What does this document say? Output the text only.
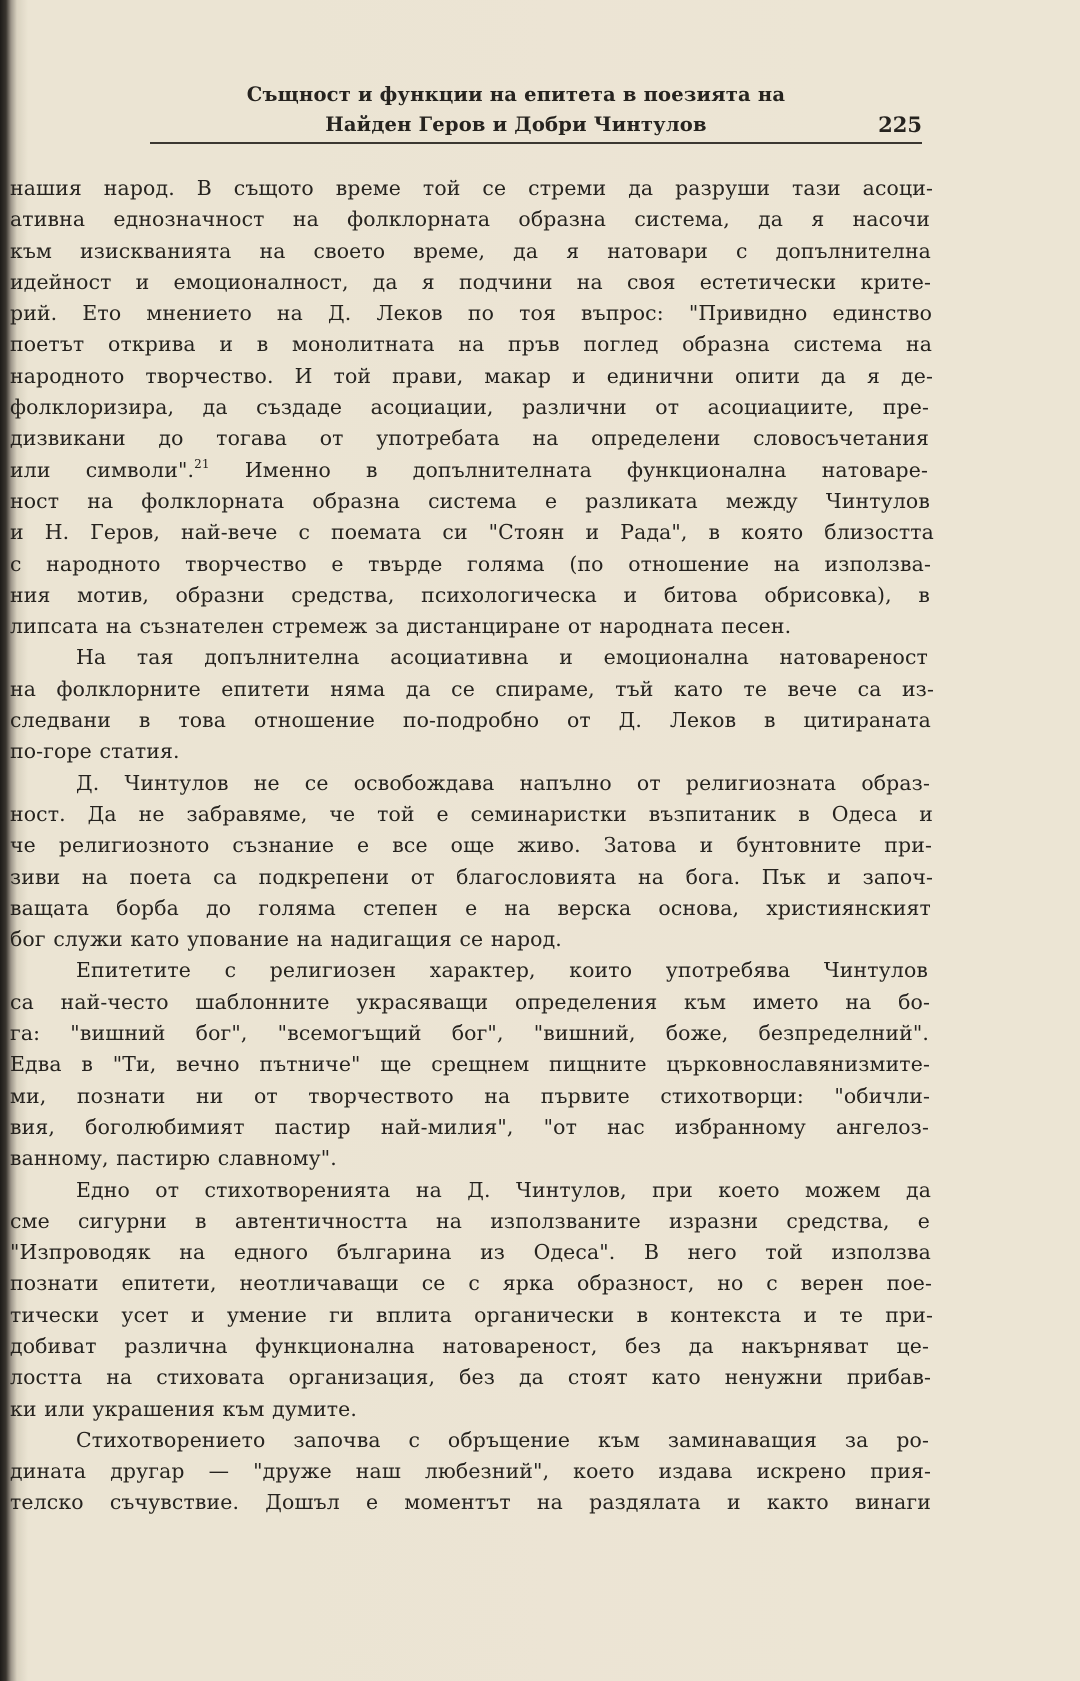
Същност и функции на епитета в поезията на
Найден Геров и Добри Чинтулов	225

нашия народ. В същото време той се стреми да разруши тази асоци-
ативна еднозначност на фолклорната образна система, да я насочи
към изискванията на своето време, да я натовари с допълнителна
идейност и емоционалност, да я подчини на своя естетически крите-
рий. Ето мнението на Д. Леков по тоя въпрос: "Привидно единство
поетът открива и в монолитната на пръв поглед образна система на
народното творчество. И той прави, макар и единични опити да я де-
фолклоризира, да създаде асоциации, различни от асоциациите, пре-
дизвикани до тогава от употребата на определени словосъчетания
или символи".$^{21}$ Именно в допълнителната функционална натоваре-
ност на фолклорната образна система е разликата между Чинтулов
и Н. Геров, най-вече с поемата си "Стоян и Рада", в която близостта
с народното творчество е твърде голяма (по отношение на използва-
ния мотив, образни средства, психологическа и битова обрисовка), в
липсата на съзнателен стремеж за дистанциране от народната песен.

На тая допълнителна асоциативна и емоционална натовареност
на фолклорните епитети няма да се спираме, тъй като те вече са из-
следвани в това отношение по-подробно от Д. Леков в цитираната
по-горе статия.

Д. Чинтулов не се освобождава напълно от религиозната образ-
ност. Да не забравяме, че той е семинаристки възпитаник в Одеса и
че религиозното съзнание е все още живо. Затова и бунтовните при-
зиви на поета са подкрепени от благословията на бога. Пък и започ-
ващата борба до голяма степен е на верска основа, християнският
бог служи като упование на надигащия се народ.

Епитетите с религиозен характер, които употребява Чинтулов
са най-често шаблонните украсяващи определения към името на бо-
га: "вишний бог", "всемогъщий бог", "вишний, боже, безпределний".
Едва в "Ти, вечно пътниче" ще срещнем пищните църковнославянизмите-
ми, познати ни от творчеството на първите стихотворци: "обичли-
вия, боголюбимият пастир най-милия", "от нас избранному ангелоз-
ванному, пастирю славному".

Едно от стихотворенията на Д. Чинтулов, при което можем да
сме сигурни в автентичността на използваните изразни средства, е
"Изпроводяк на едного българина из Одеса". В него той използва
познати епитети, неотличаващи се с ярка образност, но с верен пое-
тически усет и умение ги вплита органически в контекста и те при-
добиват различна функционална натовареност, без да накърняват це-
лостта на стиховата организация, без да стоят като ненужни прибав-
ки или украшения към думите.

Стихотворението започва с обръщение към заминаващия за ро-
дината другар — "друже наш любезний", което издава искрено прия-
телско съчувствие. Дошъл е моментът на раздялата и както винаги
